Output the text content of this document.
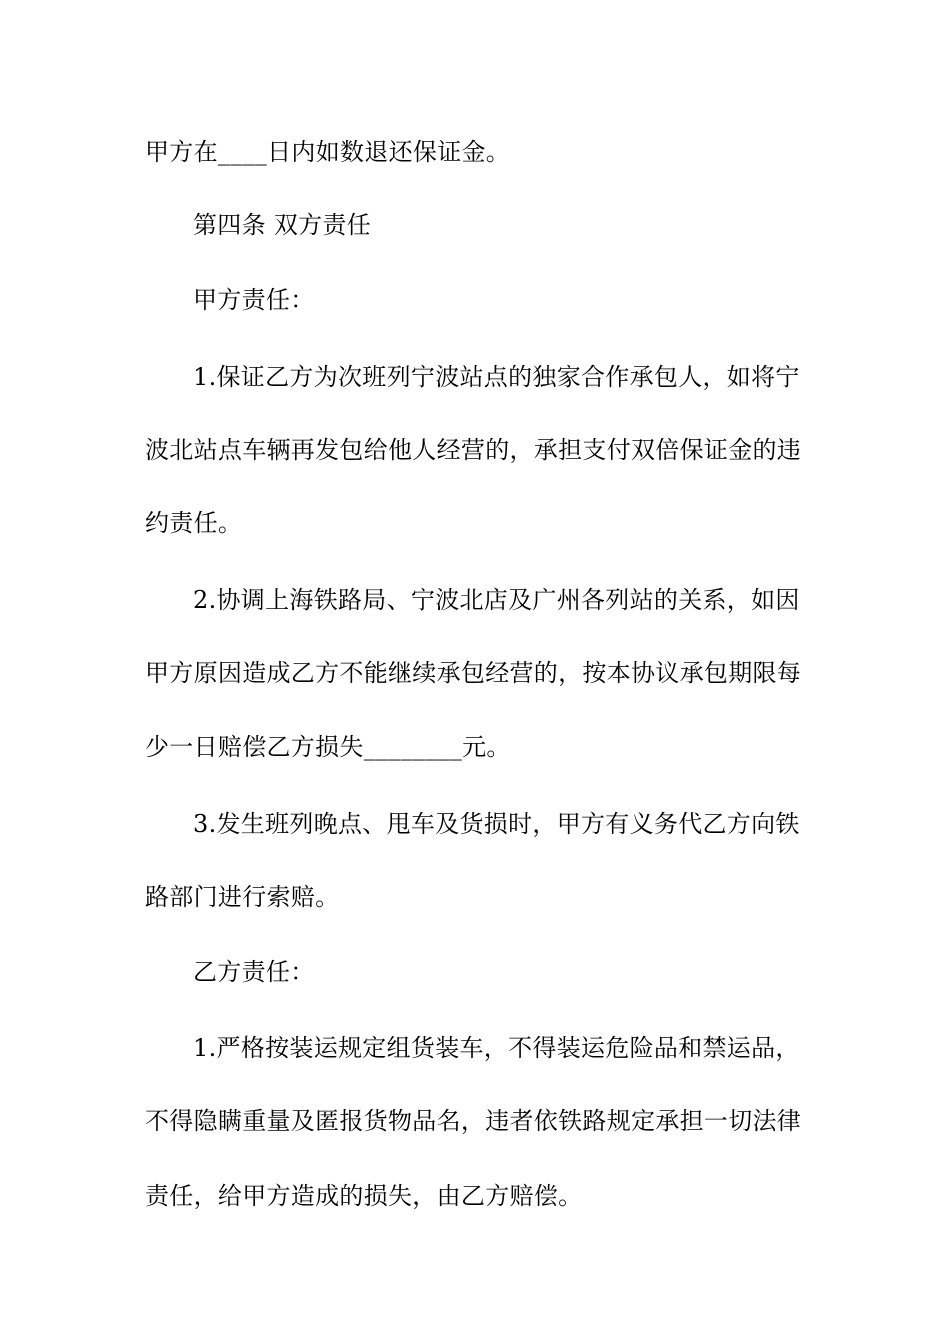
甲方在____日内如数退还保证金。
第四条 双方责任
甲方责任：
1.保证乙方为次班列宁波站点的独家合作承包人，如将宁
波北站点车辆再发包给他人经营的，承担支付双倍保证金的违
约责任。
2.协调上海铁路局、宁波北店及广州各列站的关系，如因
甲方原因造成乙方不能继续承包经营的，按本协议承包期限每
少一日赔偿乙方损失________元。
3.发生班列晚点、甩车及货损时，甲方有义务代乙方向铁
路部门进行索赔。
乙方责任：
1.严格按装运规定组货装车，不得装运危险品和禁运品，
不得隐瞒重量及匿报货物品名，违者依铁路规定承担一切法律
责任，给甲方造成的损失，由乙方赔偿。
